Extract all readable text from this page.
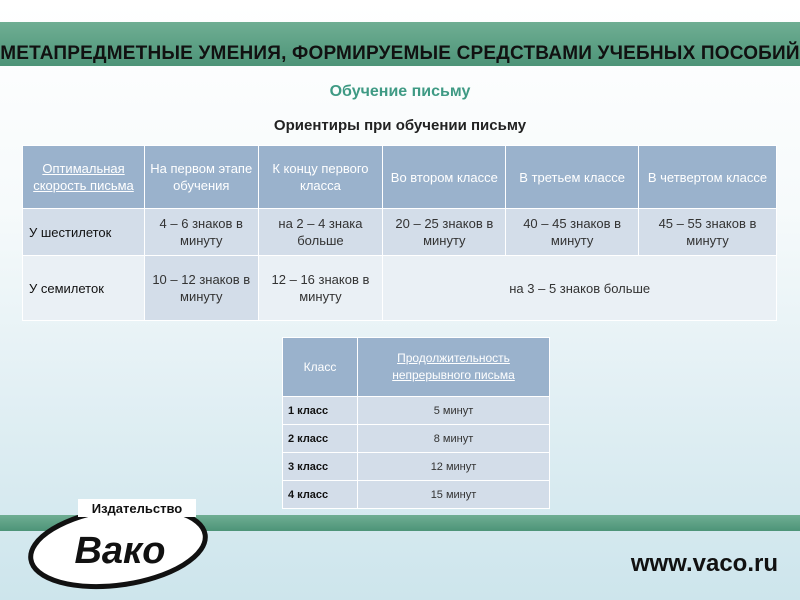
МЕТАПРЕДМЕТНЫЕ УМЕНИЯ, ФОРМИРУЕМЫЕ СРЕДСТВАМИ УЧЕБНЫХ ПОСОБИЙ
Обучение письму
Ориентиры при обучении письму
Оптимальная скорость письма	На первом этапе обучения	К концу первого класса	Во втором классе	В третьем классе	В четвертом классе
У шестилеток	4 – 6 знаков в минуту	на 2 – 4 знака больше	20 – 25 знаков в минуту	40 – 45 знаков в минуту	45 – 55 знаков в минуту
У семилеток	10 – 12 знаков в минуту	12 – 16 знаков в минуту	на 3 – 5 знаков больше		
Класс	Продолжительность непрерывного письма
1 класс	5 минут
2 класс	8 минут
3 класс	12 минут
4 класс	15 минут
Издательство
Вако	www.vaco.ru
